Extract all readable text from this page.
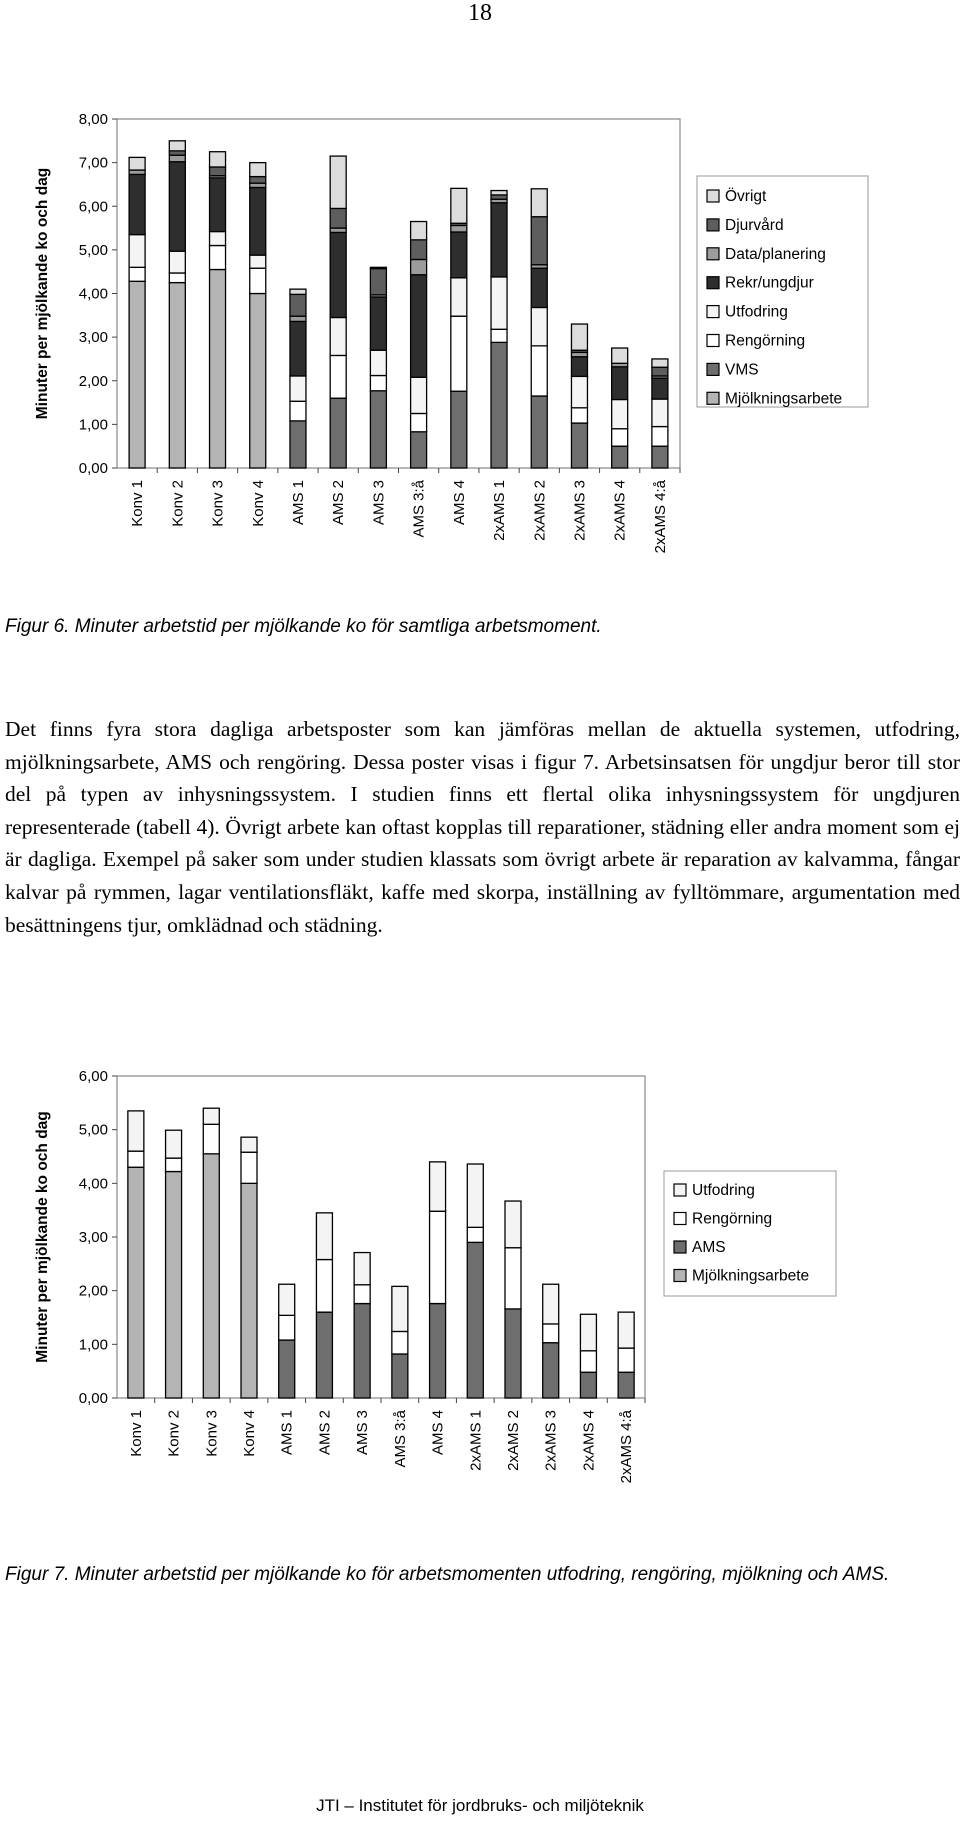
18
0,00
1,00
2,00
3,00
4,00
5,00
6,00
7,00
8,00
Minuter per mjölkande ko och dag
Konv 1 Konv 2 Konv 3 Konv 4 AMS 1 AMS 2 AMS 3 AMS 3:å AMS 4 2xAMS 1 2xAMS 2 2xAMS 3 2xAMS 4 2xAMS 4:å
Övrigt
Djurvård
Data/planering
Rekr/ungdjur
Utfodring
Rengörning
VMS
Mjölkningsarbete
Figur 6. Minuter arbetstid per mjölkande ko för samtliga arbetsmoment.

Det finns fyra stora dagliga arbetsposter som kan jämföras mellan de aktuella systemen, utfodring, mjölkningsarbete, AMS och rengöring. Dessa poster visas i figur 7. Arbetsinsatsen för ungdjur beror till stor del på typen av inhysningssystem. I studien finns ett flertal olika inhysningssystem för ungdjuren representerade (tabell 4). Övrigt arbete kan oftast kopplas till reparationer, städning eller andra moment som ej är dagliga. Exempel på saker som under studien klassats som övrigt arbete är reparation av kalvamma, fångar kalvar på rymmen, lagar ventilationsfläkt, kaffe med skorpa, inställning av fylltömmare, argumentation med besättningens tjur, omklädnad och städning.

0,00
1,00
2,00
3,00
4,00
5,00
6,00
Minuter per mjölkande ko och dag
Konv 1 Konv 2 Konv 3 Konv 4 AMS 1 AMS 2 AMS 3 AMS 3:å AMS 4 2xAMS 1 2xAMS 2 2xAMS 3 2xAMS 4 2xAMS 4:å
Utfodring
Rengörning
AMS
Mjölkningsarbete
Figur 7. Minuter arbetstid per mjölkande ko för arbetsmomenten utfodring, rengöring, mjölkning och AMS.
JTI – Institutet för jordbruks- och miljöteknik
